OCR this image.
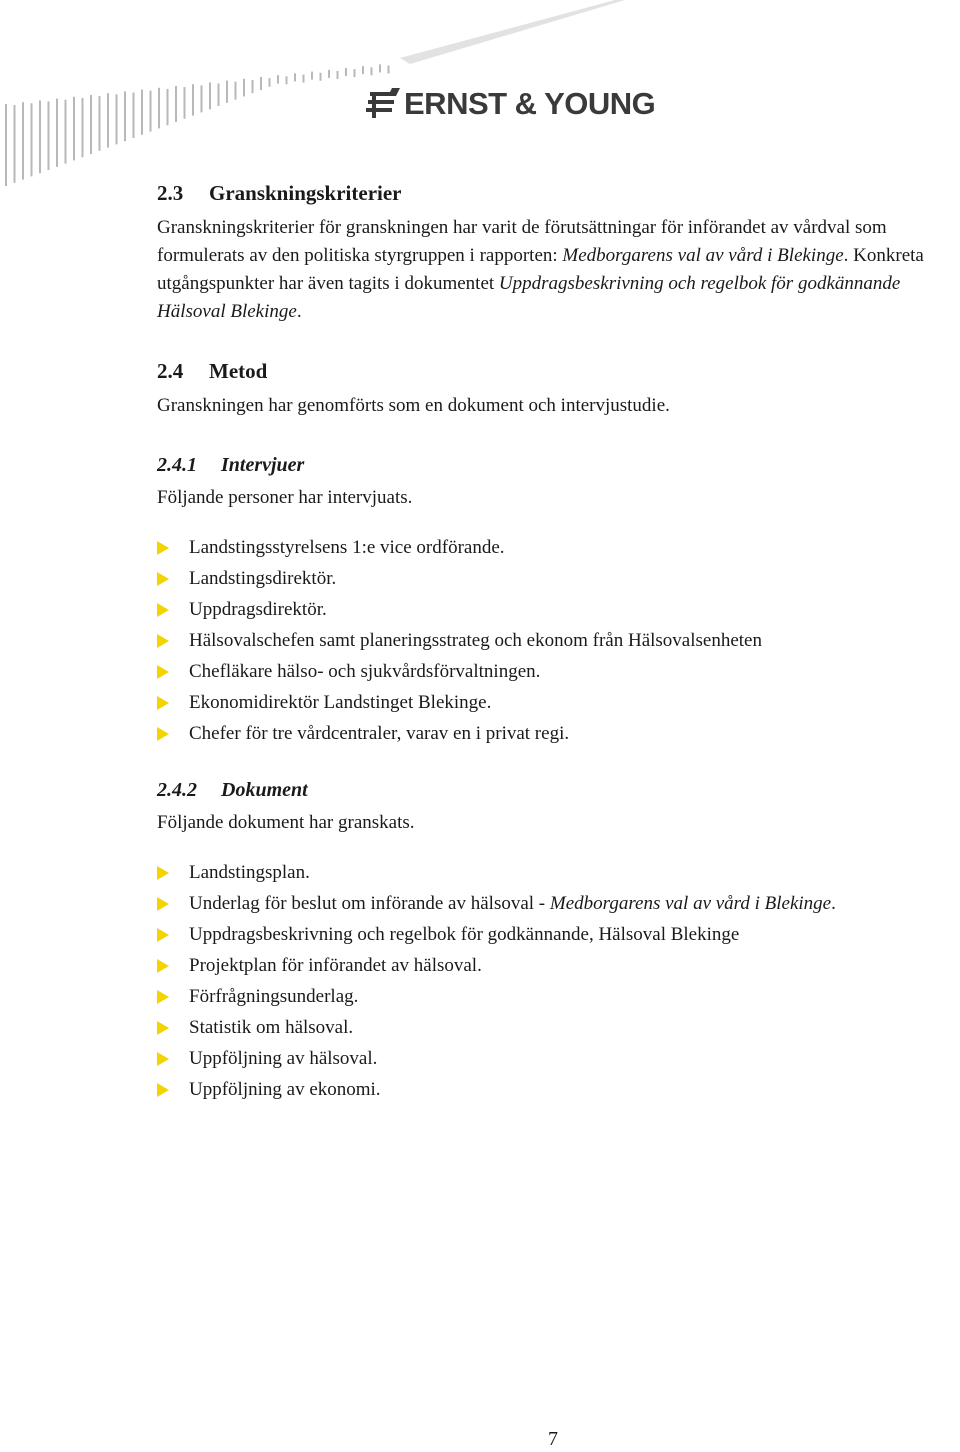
ERNST & YOUNG
2.3 Granskningskriterier

Granskningskriterier för granskningen har varit de förutsättningar för införandet av vårdval som formulerats av den politiska styrgruppen i rapporten: Medborgarens val av vård i Blekinge. Konkreta utgångspunkter har även tagits i dokumentet Uppdragsbeskrivning och regelbok för godkännande Hälsoval Blekinge.

2.4 Metod

Granskningen har genomförts som en dokument och intervjustudie.

2.4.1 Intervjuer

Följande personer har intervjuats.

Landstingsstyrelsens 1:e vice ordförande.
Landstingsdirektör.
Uppdragsdirektör.
Hälsovalschefen samt planeringsstrateg och ekonom från Hälsovalsenheten
Chefläkare hälso- och sjukvårdsförvaltningen.
Ekonomidirektör Landstinget Blekinge.
Chefer för tre vårdcentraler, varav en i privat regi.
2.4.2 Dokument

Följande dokument har granskats.

Landstingsplan.
Underlag för beslut om införande av hälsoval - Medborgarens val av vård i Blekinge.
Uppdragsbeskrivning och regelbok för godkännande, Hälsoval Blekinge
Projektplan för införandet av hälsoval.
Förfrågningsunderlag.
Statistik om hälsoval.
Uppföljning av hälsoval.
Uppföljning av ekonomi.
7
